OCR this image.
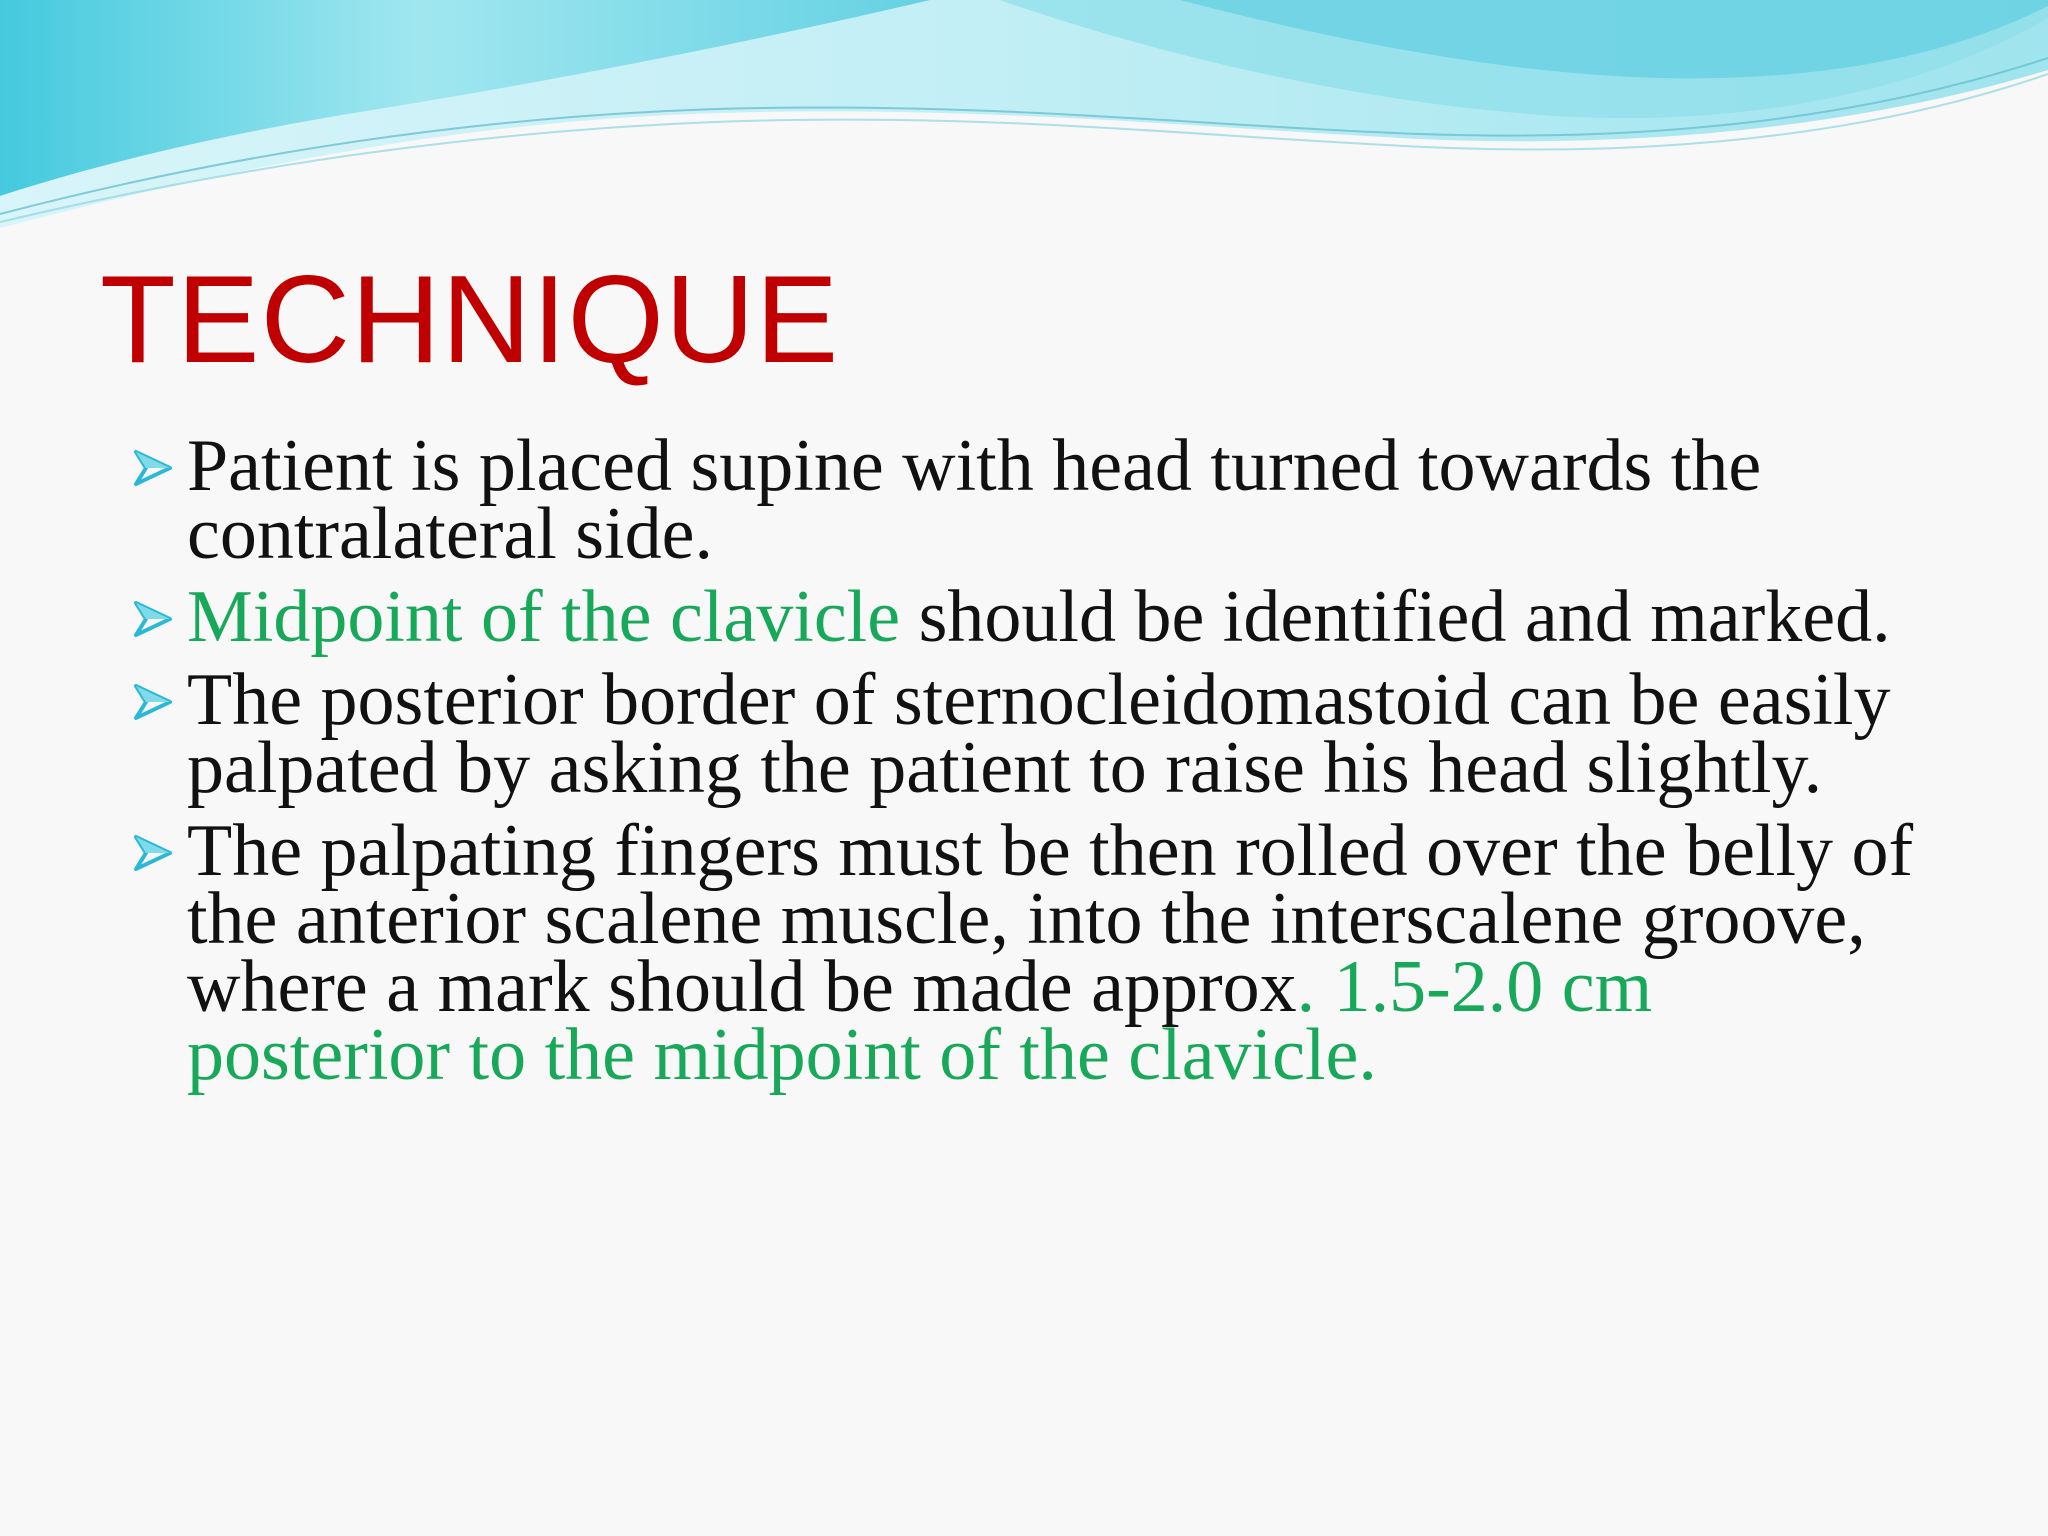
TECHNIQUE
Patient is placed supine with head turned towards the contralateral side.
Midpoint of the clavicle should be identified and marked.
The posterior border of sternocleidomastoid can be easily palpated by asking the patient to raise his head slightly.
The palpating fingers must be then rolled over the belly of the anterior scalene muscle, into the interscalene groove, where a mark should be made approx. 1.5-2.0 cm posterior to the midpoint of the clavicle.
